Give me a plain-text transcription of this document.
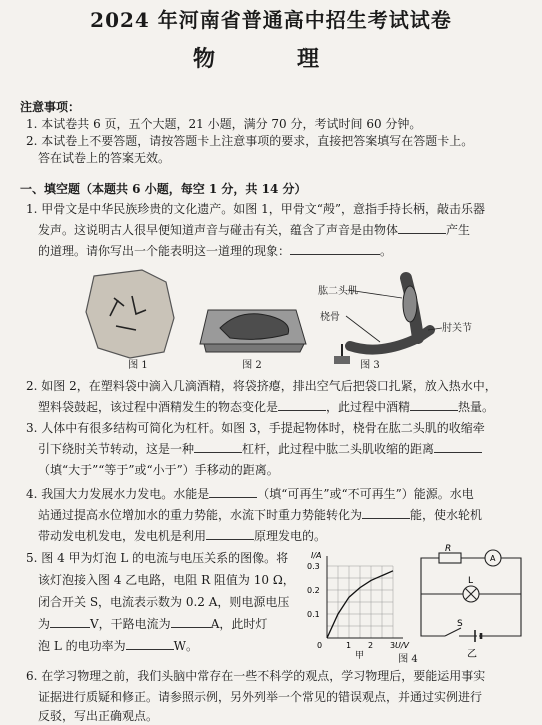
2024 年河南省普通高中招生考试试卷
物　理
注意事项：
1. 本试卷共 6 页，五个大题，21 小题，满分 70 分，考试时间 60 分钟。
2. 本试卷上不要答题，请按答题卡上注意事项的要求，直接把答案填写在答题卡上。
答在试卷上的答案无效。
一、填空题（本题共 6 小题，每空 1 分，共 14 分）
1. 甲骨文是中华民族珍贵的文化遗产。如图 1，甲骨文“殸”，意指手持长柄，敲击乐器
发声。这说明古人很早便知道声音与碰击有关，蕴含了声音是由物体	产生
的道理。请你写出一个能表明这一道理的现象：	。
肱二头肌
桡骨
肘关节
图 1	图 2	图 3
2. 如图 2，在塑料袋中滴入几滴酒精，将袋挤瘪，排出空气后把袋口扎紧，放入热水中，
塑料袋鼓起，该过程中酒精发生的物态变化是	，此过程中酒精	热量。
3. 人体中有很多结构可简化为杠杆。如图 3，手提起物体时，桡骨在肱二头肌的收缩牵
引下绕肘关节转动，这是一种	杠杆，此过程中肱二头肌收缩的距离
（填“大于”“等于”或“小于”）手移动的距离。
4. 我国大力发展水力发电。水能是	（填“可再生”或“不可再生”）能源。水电
站通过提高水位增加水的重力势能，水流下时重力势能转化为	能，使水轮机
带动发电机发电，发电机是利用	原理发电的。
5. 图 4 甲为灯泡 L 的电流与电压关系的图像。将
该灯泡接入图 4 乙电路，电阻 R 阻值为 10 Ω，
闭合开关 S，电流表示数为 0.2 A，则电源电压
为	V，干路电流为	A，此时灯
泡 L 的电功率为	W。
0.1
0.2
0.3
1 2 3
0
I/A
U/V
甲
R
A
L
S
乙
图 4
6. 在学习物理之前，我们头脑中常存在一些不科学的观点，学习物理后，要能运用事实
证据进行质疑和修正。请参照示例，另外列举一个常见的错误观点，并通过实例进行
反驳，写出正确观点。
